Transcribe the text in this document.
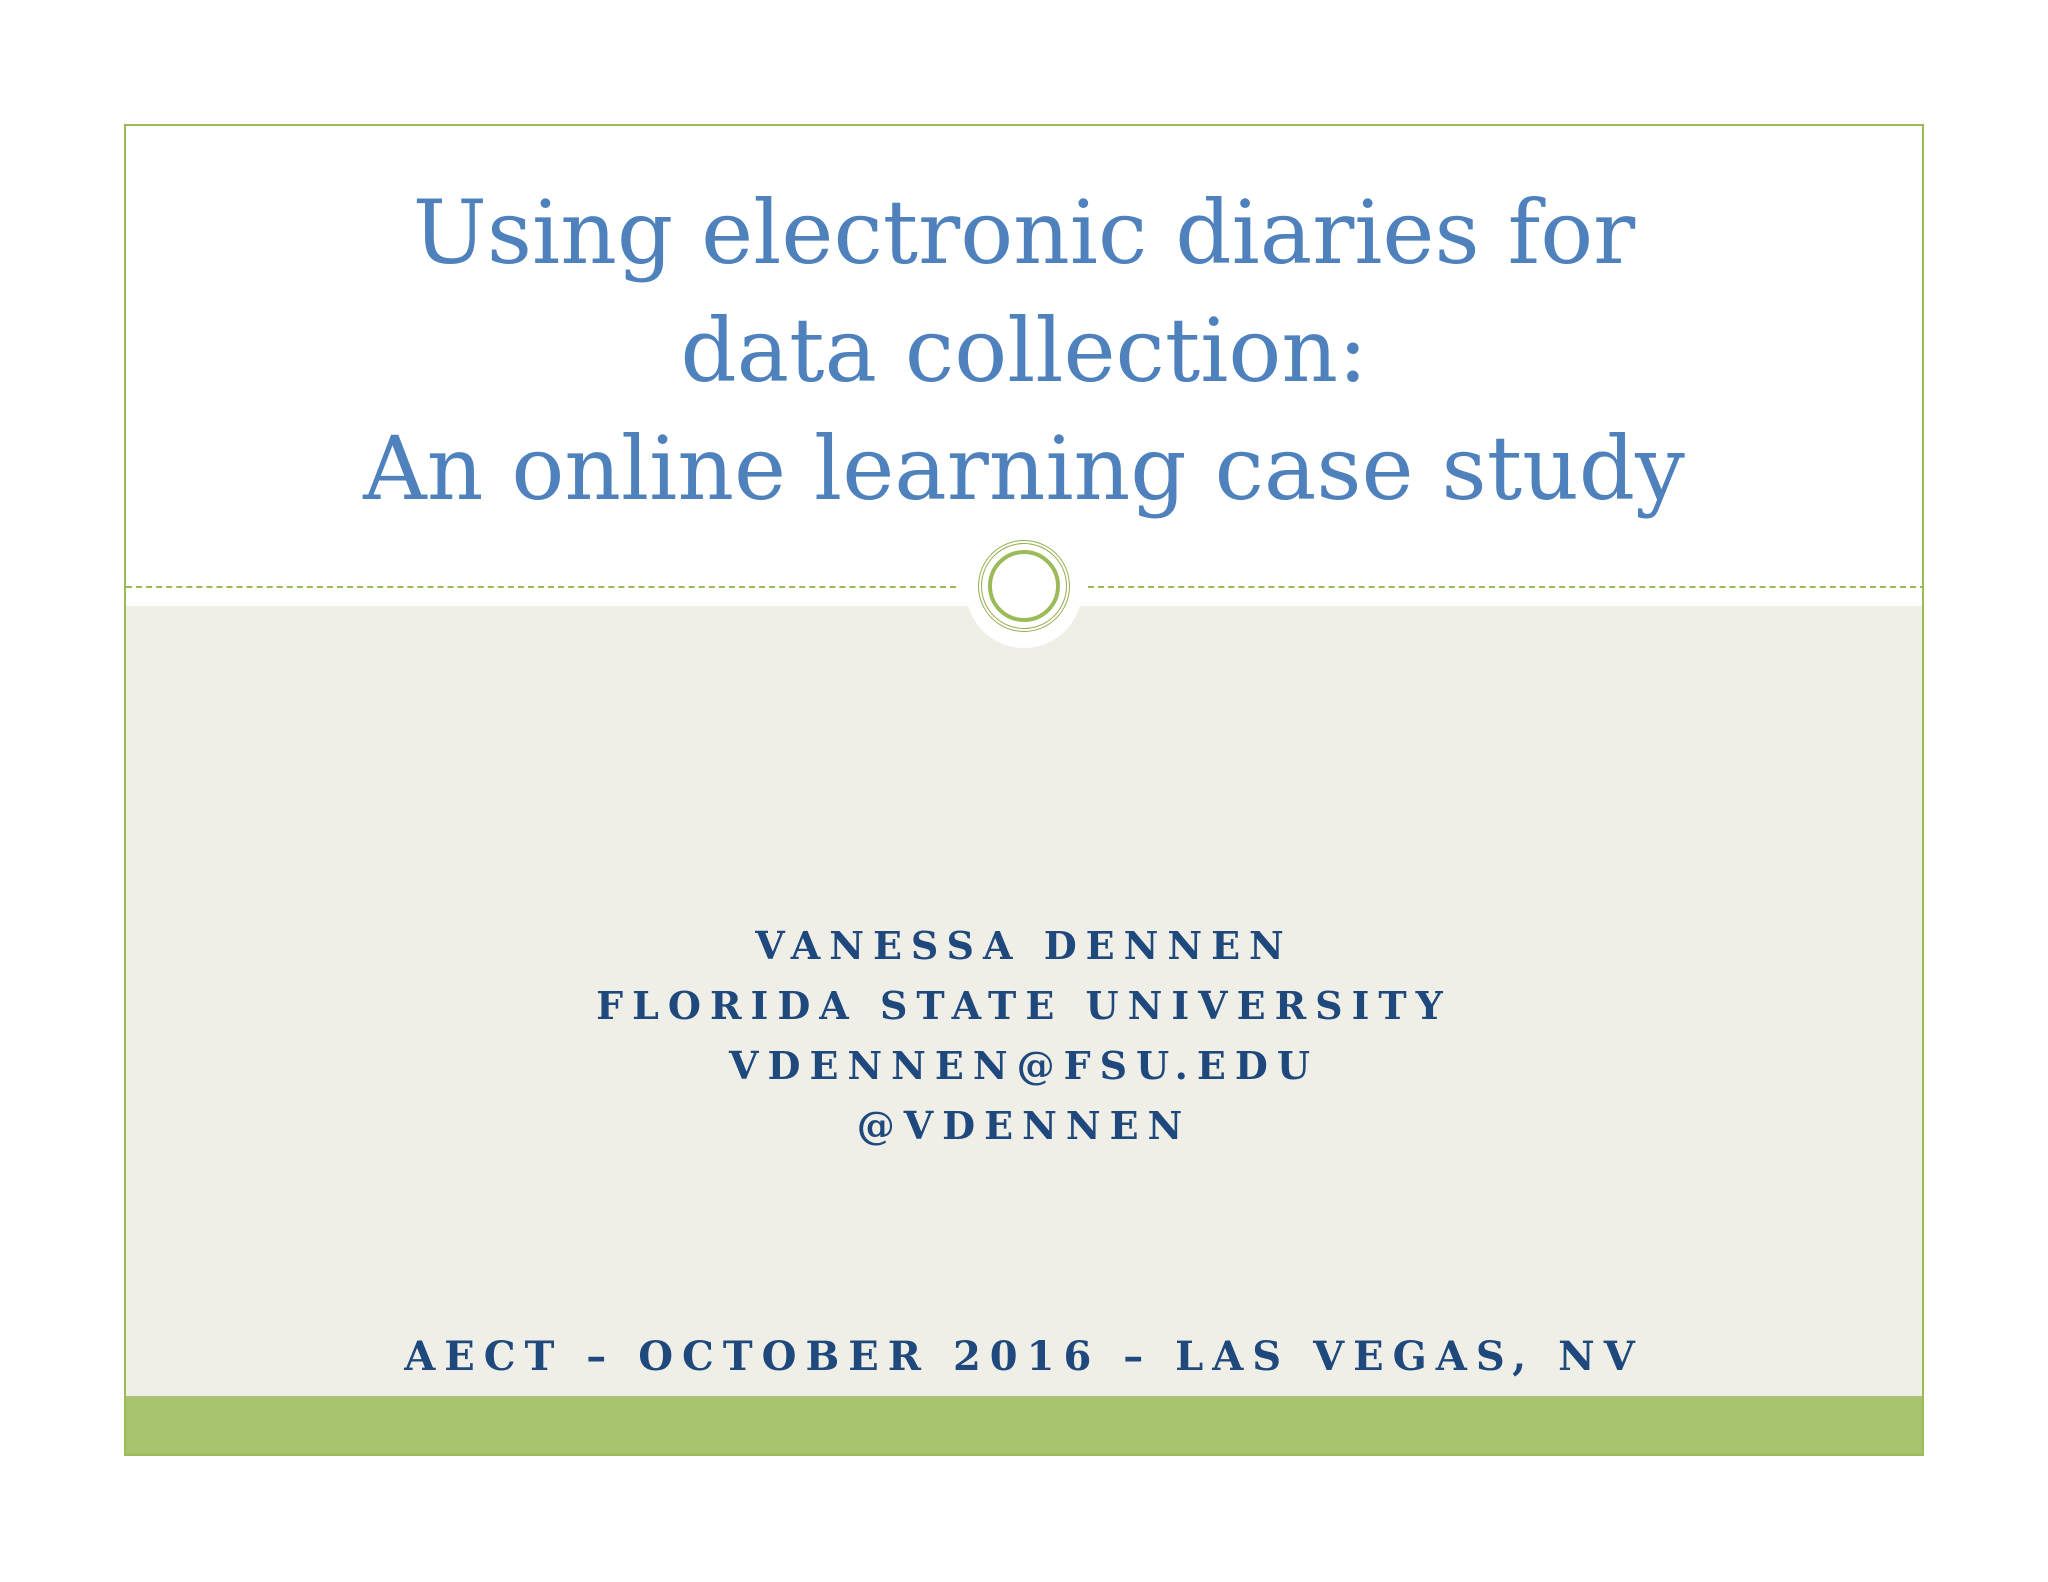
Using electronic diaries for
data collection:
An online learning case study
VANESSA DENNEN
FLORIDA STATE UNIVERSITY
VDENNEN@FSU.EDU
@VDENNEN
AECT – OCTOBER 2016 – LAS VEGAS, NV
